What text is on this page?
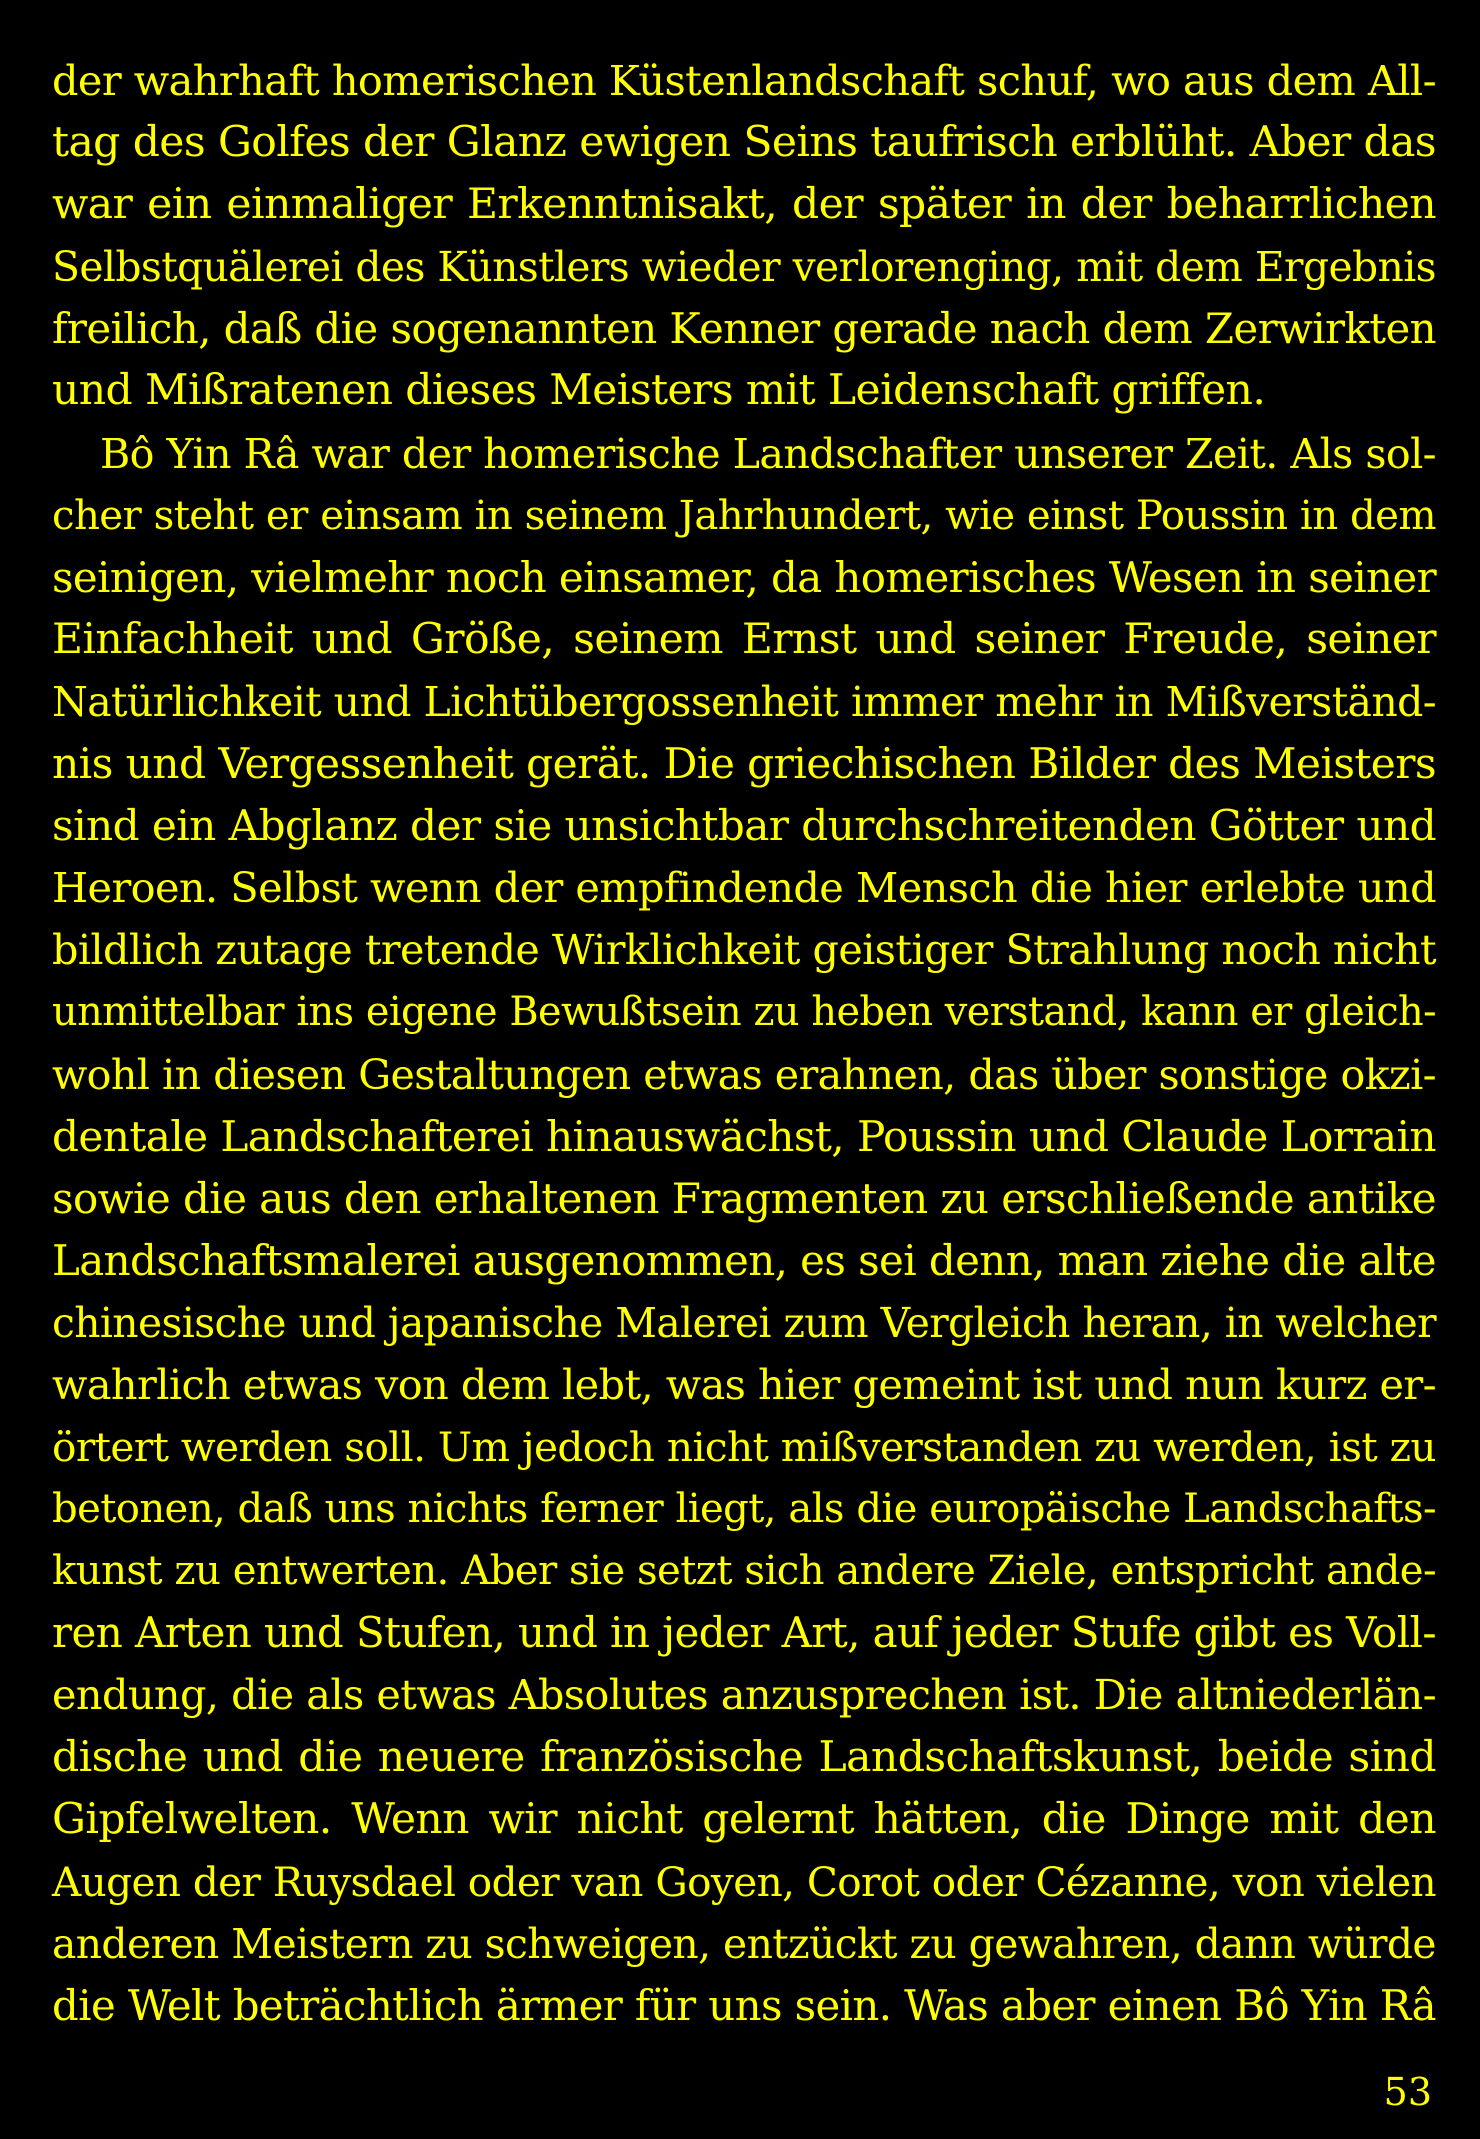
der wahrhaft homerischen Küstenlandschaft schuf, wo aus dem All-
tag des Golfes der Glanz ewigen Seins taufrisch erblüht. Aber das
war ein einmaliger Erkenntnisakt, der später in der beharrlichen
Selbstquälerei des Künstlers wieder verlorenging, mit dem Ergebnis
freilich, daß die sogenannten Kenner gerade nach dem Zerwirkten
und Mißratenen dieses Meisters mit Leidenschaft griffen.
Bô Yin Râ war der homerische Landschafter unserer Zeit. Als sol-
cher steht er einsam in seinem Jahrhundert, wie einst Poussin in dem
seinigen, vielmehr noch einsamer, da homerisches Wesen in seiner
Einfachheit und Größe, seinem Ernst und seiner Freude, seiner
Natürlichkeit und Lichtübergossenheit immer mehr in Mißverständ-
nis und Vergessenheit gerät. Die griechischen Bilder des Meisters
sind ein Abglanz der sie unsichtbar durchschreitenden Götter und
Heroen. Selbst wenn der empfindende Mensch die hier erlebte und
bildlich zutage tretende Wirklichkeit geistiger Strahlung noch nicht
unmittelbar ins eigene Bewußtsein zu heben verstand, kann er gleich-
wohl in diesen Gestaltungen etwas erahnen, das über sonstige okzi-
dentale Landschafterei hinauswächst, Poussin und Claude Lorrain
sowie die aus den erhaltenen Fragmenten zu erschließende antike
Landschaftsmalerei ausgenommen, es sei denn, man ziehe die alte
chinesische und japanische Malerei zum Vergleich heran, in welcher
wahrlich etwas von dem lebt, was hier gemeint ist und nun kurz er-
örtert werden soll. Um jedoch nicht mißverstanden zu werden, ist zu
betonen, daß uns nichts ferner liegt, als die europäische Landschafts-
kunst zu entwerten. Aber sie setzt sich andere Ziele, entspricht ande-
ren Arten und Stufen, und in jeder Art, auf jeder Stufe gibt es Voll-
endung, die als etwas Absolutes anzusprechen ist. Die altniederlän-
dische und die neuere französische Landschaftskunst, beide sind
Gipfelwelten. Wenn wir nicht gelernt hätten, die Dinge mit den
Augen der Ruysdael oder van Goyen, Corot oder Cézanne, von vielen
anderen Meistern zu schweigen, entzückt zu gewahren, dann würde
die Welt beträchtlich ärmer für uns sein. Was aber einen Bô Yin Râ
53
